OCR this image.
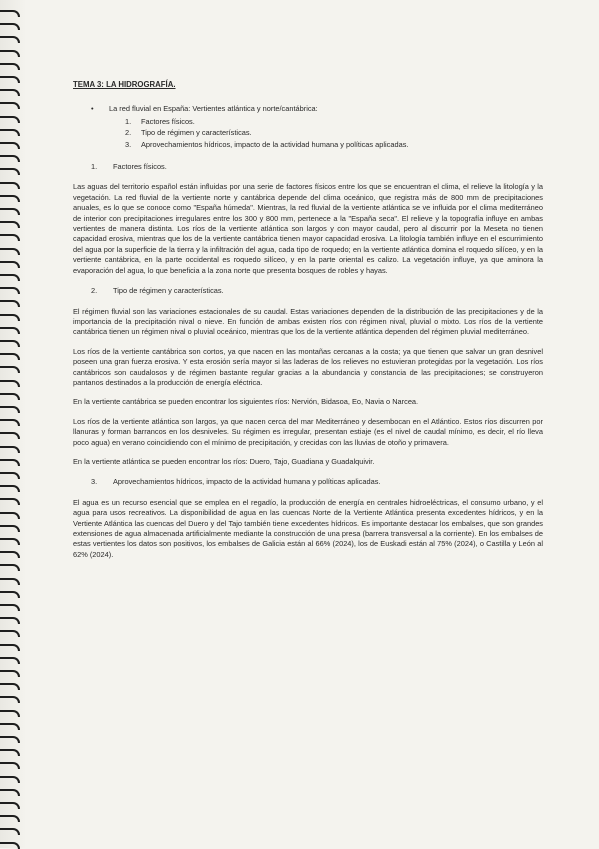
TEMA 3: LA HIDROGRAFÍA.
•	La red fluvial en España: Vertientes atlántica y norte/cantábrica:
1.	Factores físicos.
2.	Tipo de régimen y características.
3.	Aprovechamientos hídricos, impacto de la actividad humana y políticas aplicadas.
1.	Factores físicos.

Las aguas del territorio español están influidas por una serie de factores físicos entre los que se encuentran el clima, el relieve la litología y la vegetación. La red fluvial de la vertiente norte y cantábrica depende del clima oceánico, que registra más de 800 mm de precipitaciones anuales, es lo que se conoce como "España húmeda". Mientras, la red fluvial de la vertiente atlántica se ve influida por el clima mediterráneo de interior con precipitaciones irregulares entre los 300 y 800 mm, pertenece a la "España seca". El relieve y la topografía influye en ambas vertientes de manera distinta. Los ríos de la vertiente atlántica son largos y con mayor caudal, pero al discurrir por la Meseta no tienen capacidad erosiva, mientras que los de la vertiente cantábrica tienen mayor capacidad erosiva. La litología también influye en el escurrimiento del agua por la superficie de la tierra y la infiltración del agua, cada tipo de roquedo; en la vertiente atlántica domina el roquedo silíceo, y en la vertiente cantábrica, en la parte occidental es roquedo silíceo, y en la parte oriental es calizo. La vegetación influye, ya que aminora la evaporación del agua, lo que beneficia a la zona norte que presenta bosques de robles y hayas.

2.	Tipo de régimen y características.

El régimen fluvial son las variaciones estacionales de su caudal. Estas variaciones dependen de la distribución de las precipitaciones y de la importancia de la precipitación nival o nieve. En función de ambas existen ríos con régimen nival, pluvial o mixto. Los ríos de la vertiente cantábrica tienen un régimen nival o pluvial oceánico, mientras que los de la vertiente atlántica dependen del régimen pluvial mediterráneo.

Los ríos de la vertiente cantábrica son cortos, ya que nacen en las montañas cercanas a la costa; ya que tienen que salvar un gran desnivel poseen una gran fuerza erosiva. Y esta erosión sería mayor si las laderas de los relieves no estuvieran protegidas por la vegetación. Los ríos cantábricos son caudalosos y de régimen bastante regular gracias a la abundancia y constancia de las precipitaciones; se construyeron pantanos destinados a la producción de energía eléctrica.

En la vertiente cantábrica se pueden encontrar los siguientes ríos: Nervión, Bidasoa, Eo, Navia o Narcea.

Los ríos de la vertiente atlántica son largos, ya que nacen cerca del mar Mediterráneo y desembocan en el Atlántico. Estos ríos discurren por llanuras y forman barrancos en los desniveles. Su régimen es irregular, presentan estiaje (es el nivel de caudal mínimo, es decir, el río lleva poco agua) en verano coincidiendo con el mínimo de precipitación, y crecidas con las lluvias de otoño y primavera.

En la vertiente atlántica se pueden encontrar los ríos: Duero, Tajo, Guadiana y Guadalquivir.

3.	Aprovechamientos hídricos, impacto de la actividad humana y políticas aplicadas.

El agua es un recurso esencial que se emplea en el regadío, la producción de energía en centrales hidroeléctricas, el consumo urbano, y el agua para usos recreativos. La disponibilidad de agua en las cuencas Norte de la Vertiente Atlántica presenta excedentes hídricos, y en la Vertiente Atlántica las cuencas del Duero y del Tajo también tiene excedentes hídricos. Es importante destacar los embalses, que son grandes extensiones de agua almacenada artificialmente mediante la construcción de una presa (barrera transversal a la corriente). En los embalses de estas vertientes los datos son positivos, los embalses de Galicia están al 66% (2024), los de Euskadi están al 75% (2024), o Castilla y León al 62% (2024).
